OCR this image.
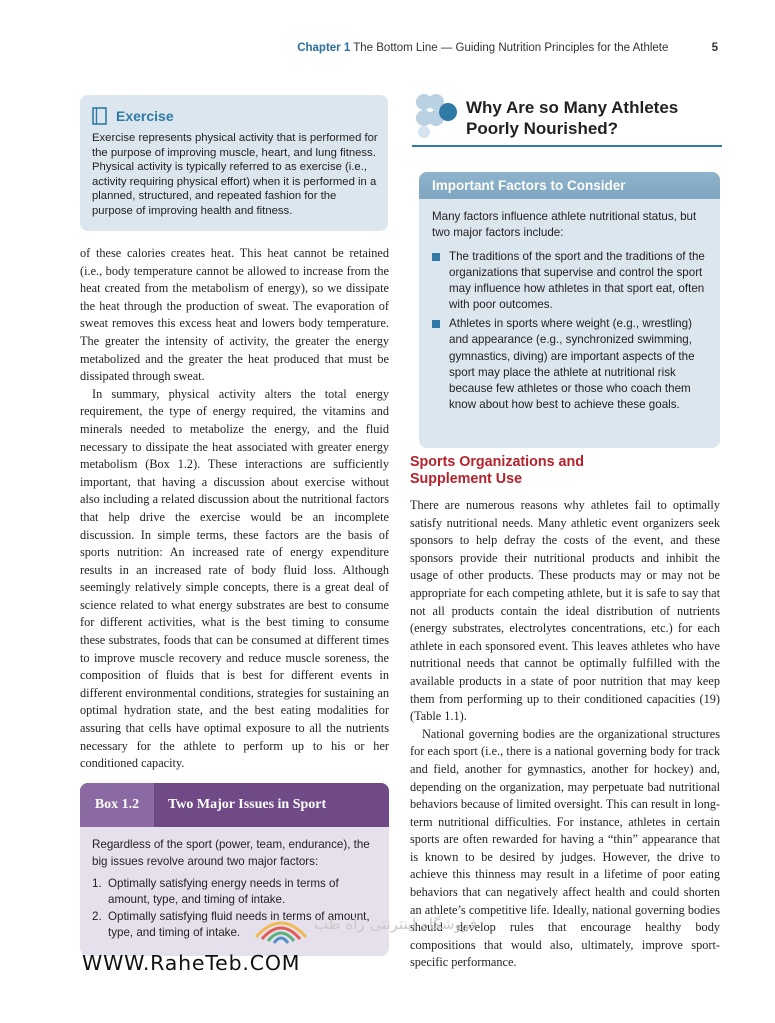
Chapter 1 The Bottom Line — Guiding Nutrition Principles for the Athlete	5
Exercise
Exercise represents physical activity that is performed for the purpose of improving muscle, heart, and lung fitness. Physical activity is typically referred to as exercise (i.e., activity requiring physical effort) when it is performed in a planned, structured, and repeated fashion for the purpose of improving health and fitness.

of these calories creates heat. This heat cannot be retained (i.e., body temperature cannot be allowed to increase from the heat created from the metabolism of energy), so we dissipate the heat through the production of sweat. The evaporation of sweat removes this excess heat and lowers body temperature. The greater the intensity of activity, the greater the energy metabolized and the greater the heat produced that must be dissipated through sweat.

In summary, physical activity alters the total energy requirement, the type of energy required, the vitamins and minerals needed to metabolize the energy, and the fluid necessary to dissipate the heat associated with greater energy metabolism (Box 1.2). These interactions are sufficiently important, that having a discussion about exercise without also including a related discussion about the nutritional factors that help drive the exercise would be an incomplete discussion. In simple terms, these factors are the basis of sports nutrition: An increased rate of energy expenditure results in an increased rate of body fluid loss. Although seemingly relatively simple concepts, there is a great deal of science related to what energy substrates are best to consume for different activities, what is the best timing to consume these substrates, foods that can be consumed at different times to improve muscle recovery and reduce muscle soreness, the composition of fluids that is best for different events in different environmental conditions, strategies for sustaining an optimal hydration state, and the best eating modalities for assuring that cells have optimal exposure to all the nutrients necessary for the athlete to perform up to his or her conditioned capacity.

Box 1.2	Two Major Issues in Sport
Regardless of the sport (power, team, endurance), the big issues revolve around two major factors:
1. Optimally satisfying energy needs in terms of amount, type, and timing of intake.
2. Optimally satisfying fluid needs in terms of amount, type, and timing of intake.
Why Are so Many Athletes
Poorly Nourished?
Important Factors to Consider
Many factors influence athlete nutritional status, but two major factors include:
The traditions of the sport and the traditions of the organizations that supervise and control the sport may influence how athletes in that sport eat, often with poor outcomes.
Athletes in sports where weight (e.g., wrestling) and appearance (e.g., synchronized swimming, gymnastics, diving) are important aspects of the sport may place the athlete at nutritional risk because few athletes or those who coach them know about how best to achieve these goals.
Sports Organizations and
Supplement Use

There are numerous reasons why athletes fail to optimally satisfy nutritional needs. Many athletic event organizers seek sponsors to help defray the costs of the event, and these sponsors provide their nutritional products and inhibit the usage of other products. These products may or may not be appropriate for each competing athlete, but it is safe to say that not all products contain the ideal distribution of nutrients (energy substrates, electrolytes concentrations, etc.) for each athlete in each sponsored event. This leaves athletes who have nutritional needs that cannot be optimally fulfilled with the available products in a state of poor nutrition that may keep them from performing up to their conditioned capacities (19) (Table 1.1).

National governing bodies are the organizational structures for each sport (i.e., there is a national governing body for track and field, another for gymnastics, another for hockey) and, depending on the organization, may perpetuate bad nutritional behaviors because of limited oversight. This can result in long-term nutritional difficulties. For instance, athletes in certain sports are often rewarded for having a “thin” appearance that is known to be desired by judges. However, the drive to achieve this thinness may result in a lifetime of poor eating behaviors that can negatively affect health and could shorten an athlete’s competitive life. Ideally, national governing bodies should develop rules that encourage healthy body compositions that would also, ultimately, improve sport-specific performance.

فروشگاه اینترنتی راه طب
WWW.RaheTeb.COM
